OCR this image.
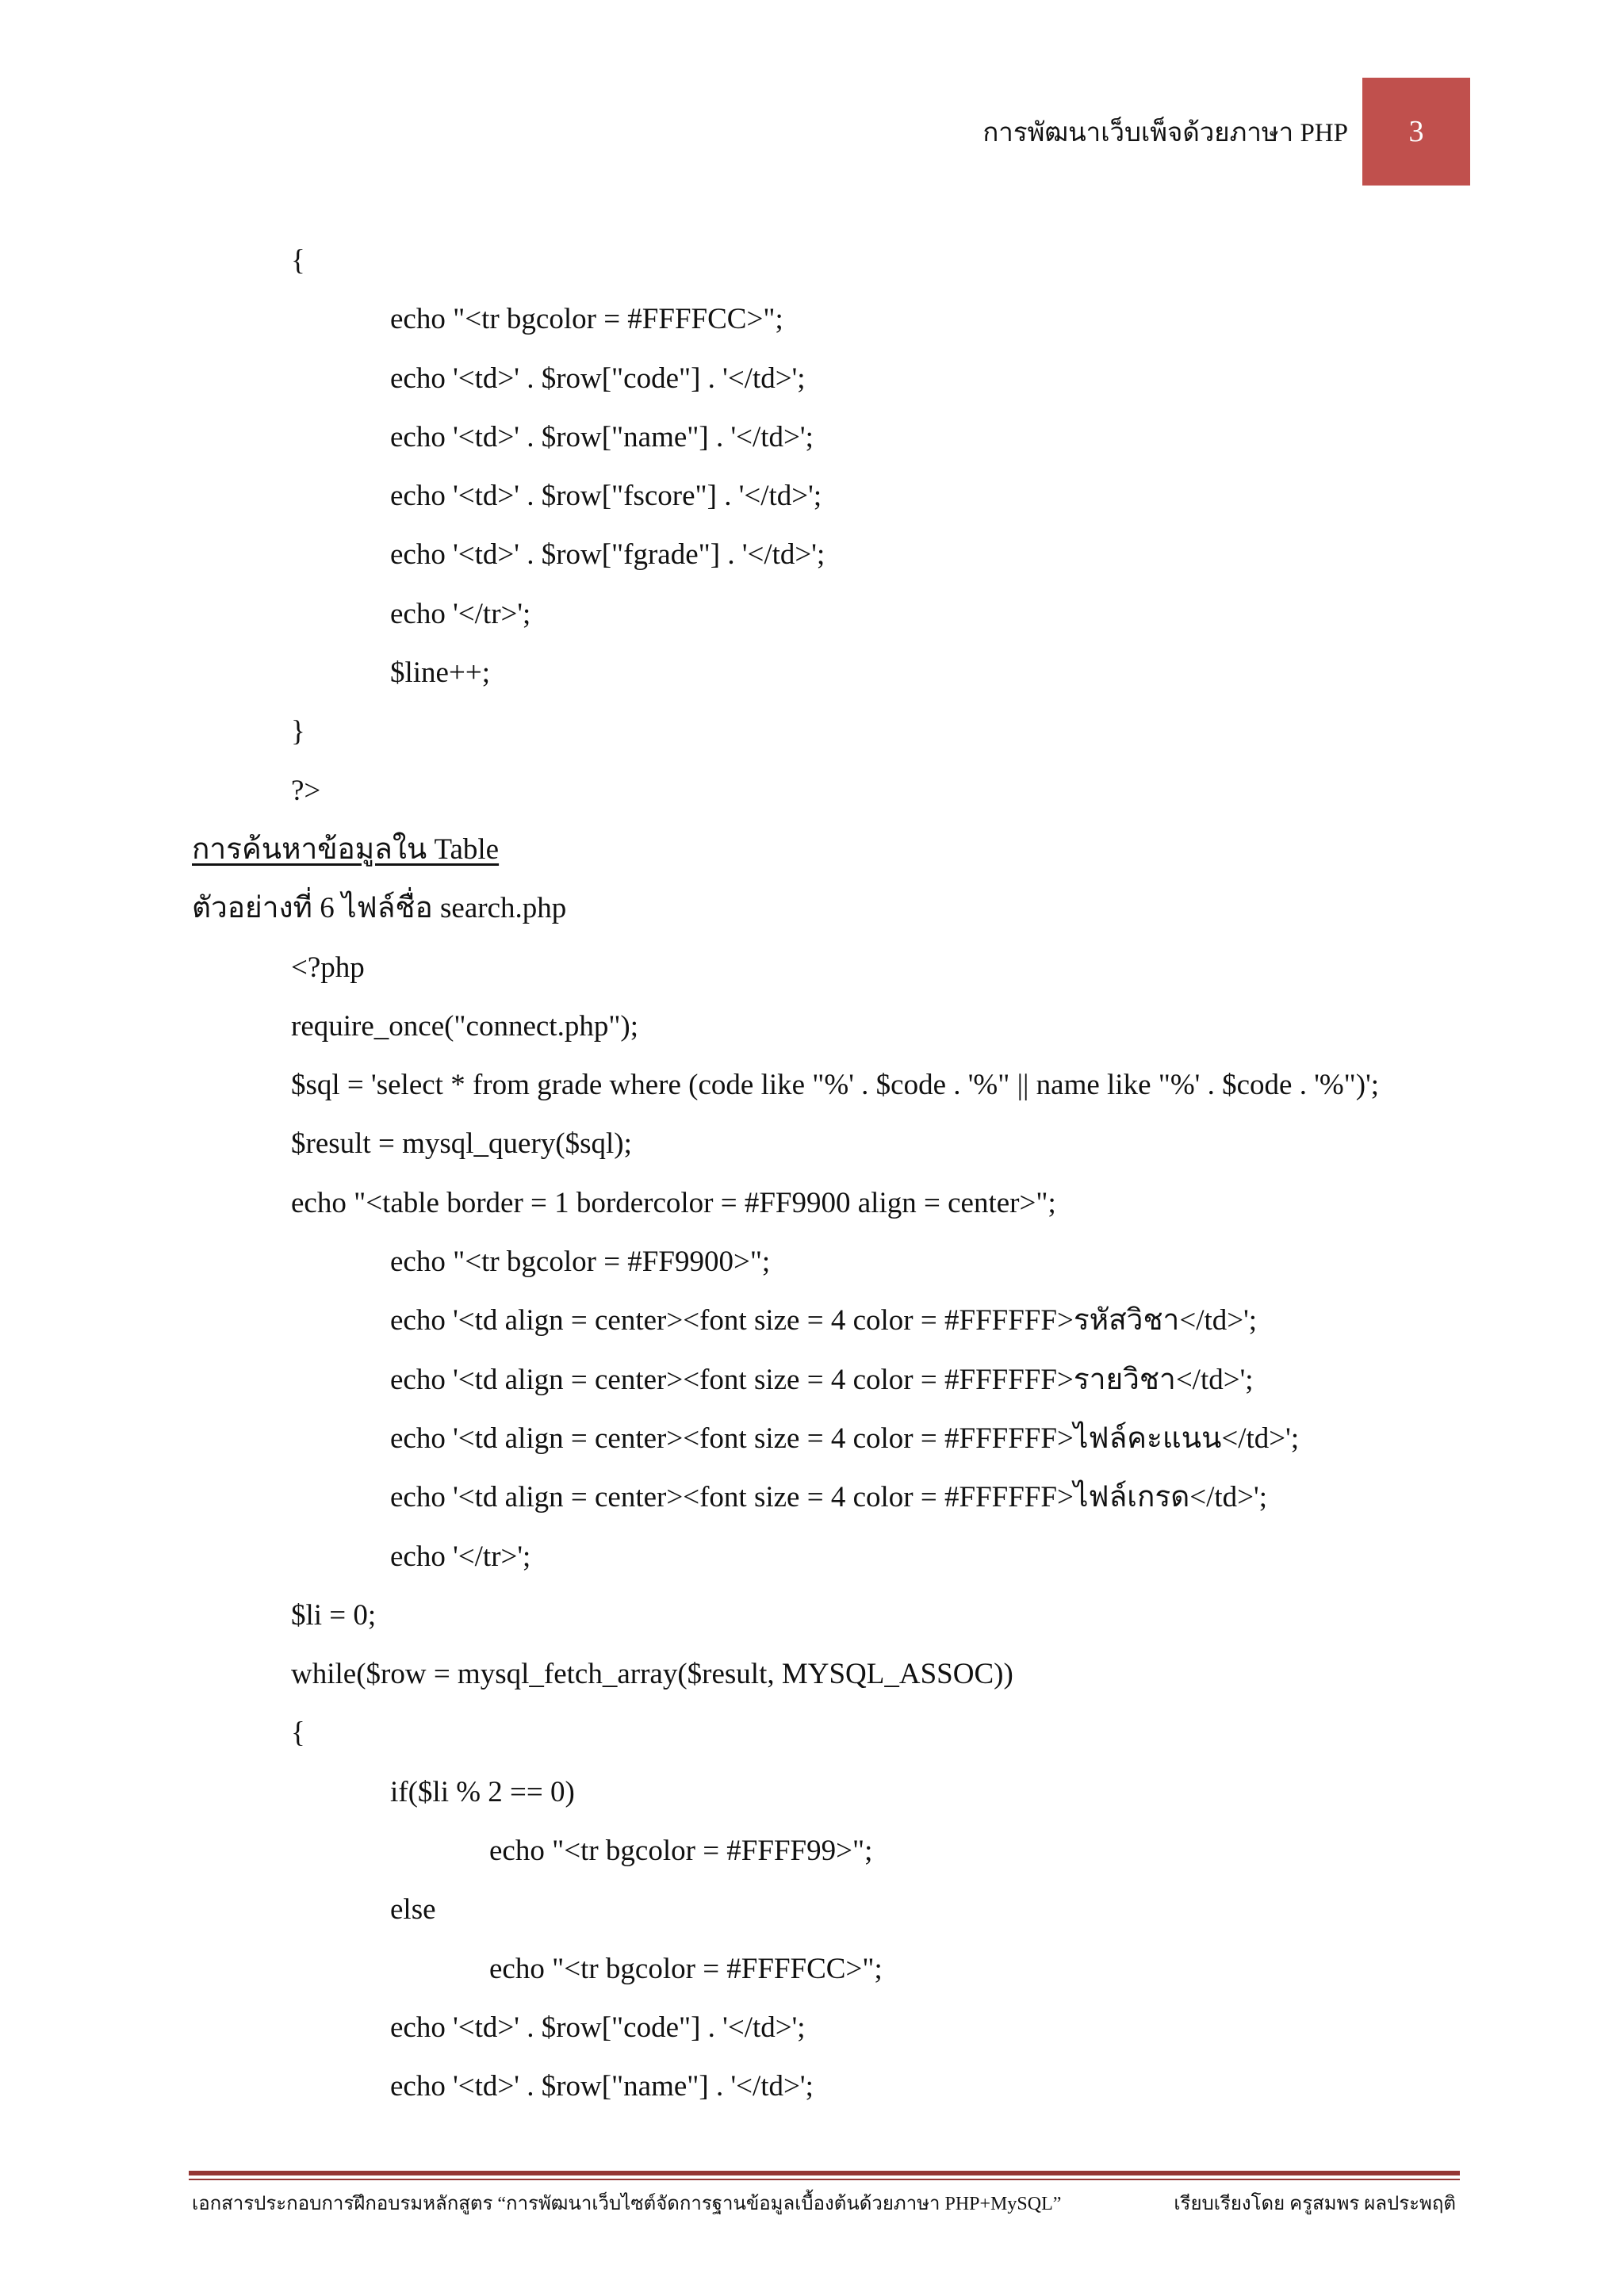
การพัฒนาเว็บเพ็จด้วยภาษา PHP	3
{
echo "<tr bgcolor = #FFFFCC>";
echo '<td>' . $row["code"] . '</td>';
echo '<td>' . $row["name"] . '</td>';
echo '<td>' . $row["fscore"] . '</td>';
echo '<td>' . $row["fgrade"] . '</td>';
echo '</tr>';
$line++;
}
?>
การค้นหาข้อมูลใน Table
ตัวอย่างที่ 6 ไฟล์ชื่อ search.php
<?php
require_once("connect.php");
$sql = 'select * from grade where (code like "%' . $code . '%" || name like "%' . $code . '%")';
$result = mysql_query($sql);
echo "<table border = 1 bordercolor = #FF9900 align = center>";
echo "<tr bgcolor = #FF9900>";
echo '<td align = center><font size = 4 color = #FFFFFF>รหัสวิชา</td>';
echo '<td align = center><font size = 4 color = #FFFFFF>รายวิชา</td>';
echo '<td align = center><font size = 4 color = #FFFFFF>ไฟล์คะแนน</td>';
echo '<td align = center><font size = 4 color = #FFFFFF>ไฟล์เกรด</td>';
echo '</tr>';
$li = 0;
while($row = mysql_fetch_array($result, MYSQL_ASSOC))
{
if($li % 2 == 0)
echo "<tr bgcolor = #FFFF99>";
else
echo "<tr bgcolor = #FFFFCC>";
echo '<td>' . $row["code"] . '</td>';
echo '<td>' . $row["name"] . '</td>';
เอกสารประกอบการฝึกอบรมหลักสูตร “การพัฒนาเว็บไซต์จัดการฐานข้อมูลเบื้องต้นด้วยภาษา PHP+MySQL”	เรียบเรียงโดย ครูสมพร ผลประพฤติ
